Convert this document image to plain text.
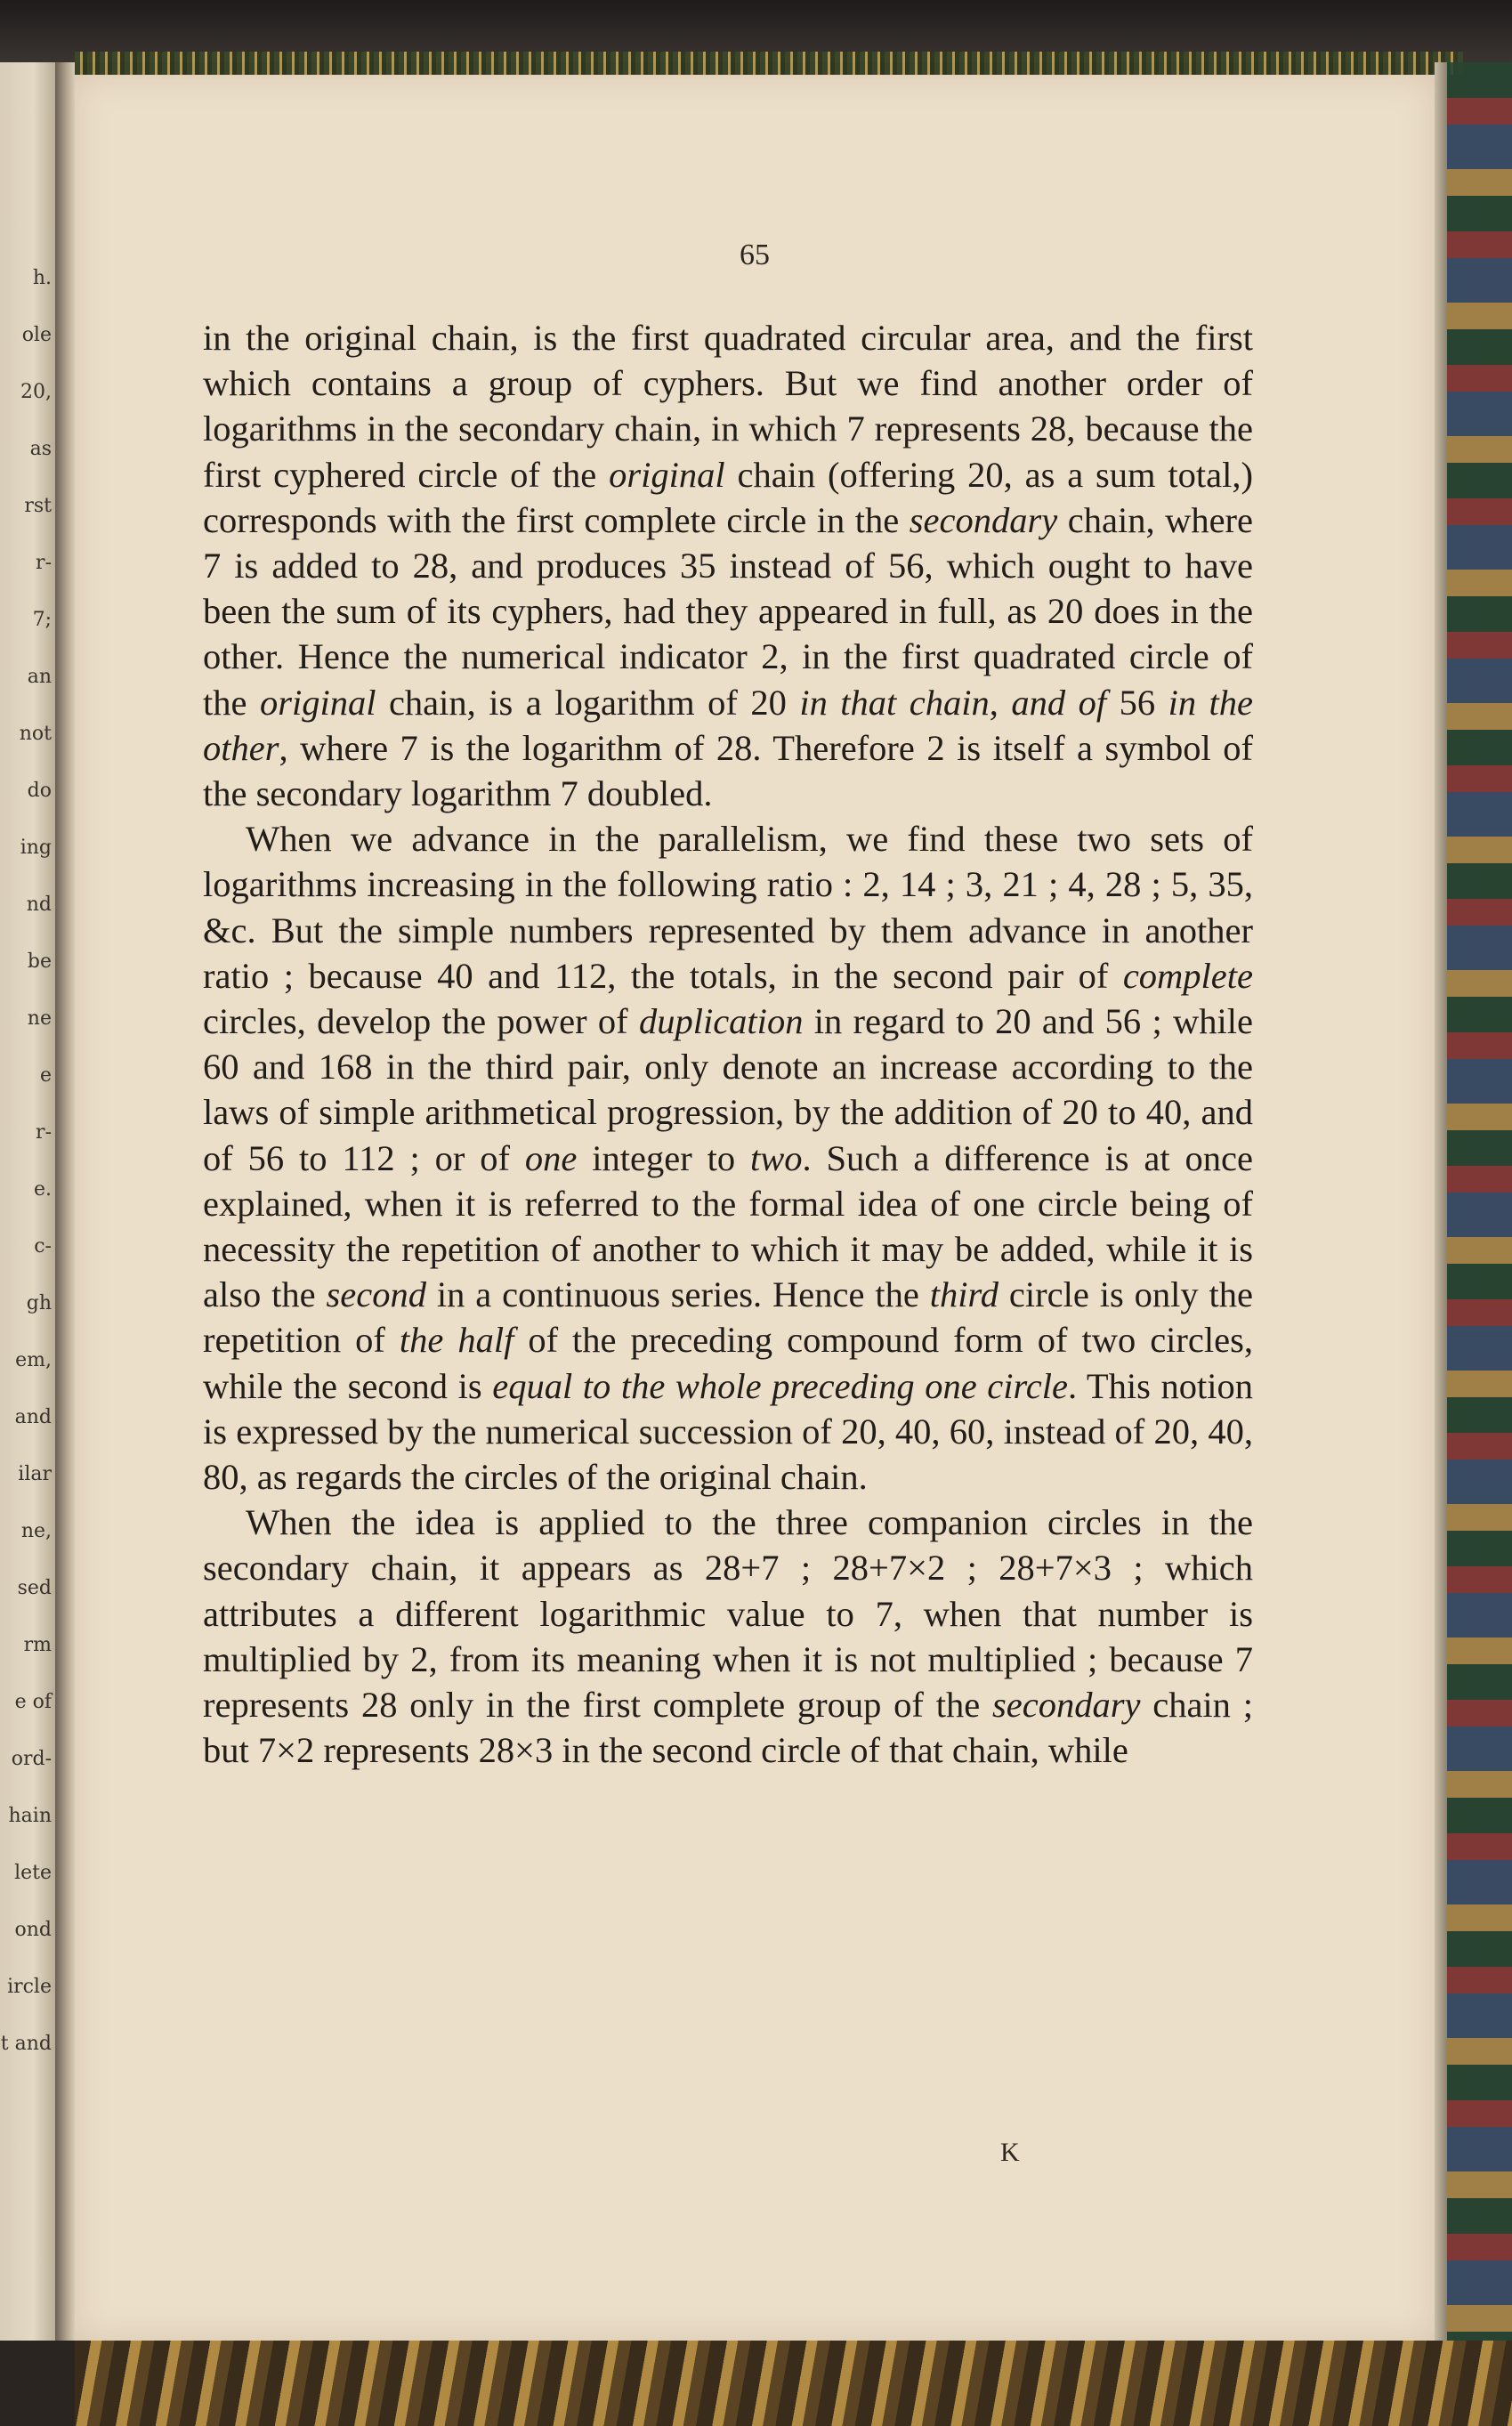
h.
ole
20,
as
rst
r-
7;
an
not
do
ing
nd
be
ne
e
r-
e.
c-
gh
em,
and
ilar
ne,
sed
rm
e of
ord-
hain
lete
ond
ircle
t and
65

in the original chain, is the first quadrated circular area, and the first which contains a group of cyphers. But we find another order of logarithms in the secondary chain, in which 7 represents 28, because the first cyphered circle of the original chain (offering 20, as a sum total,) corresponds with the first complete circle in the secondary chain, where 7 is added to 28, and produces 35 instead of 56, which ought to have been the sum of its cyphers, had they appeared in full, as 20 does in the other. Hence the numerical indicator 2, in the first quadrated circle of the original chain, is a logarithm of 20 in that chain, and of 56 in the other, where 7 is the logarithm of 28. Therefore 2 is itself a symbol of the secondary logarithm 7 doubled.

When we advance in the parallelism, we find these two sets of logarithms increasing in the following ratio : 2, 14 ; 3, 21 ; 4, 28 ; 5, 35, &c. But the simple numbers represented by them advance in another ratio ; because 40 and 112, the totals, in the second pair of complete circles, develop the power of duplication in regard to 20 and 56 ; while 60 and 168 in the third pair, only denote an increase according to the laws of simple arithmetical progression, by the addition of 20 to 40, and of 56 to 112 ; or of one integer to two. Such a difference is at once explained, when it is referred to the formal idea of one circle being of necessity the repetition of another to which it may be added, while it is also the second in a continuous series. Hence the third circle is only the repetition of the half of the preceding compound form of two circles, while the second is equal to the whole preceding one circle. This notion is expressed by the numerical succession of 20, 40, 60, instead of 20, 40, 80, as regards the circles of the original chain.

When the idea is applied to the three companion circles in the secondary chain, it appears as 28+7 ; 28+7×2 ; 28+7×3 ; which attributes a different logarithmic value to 7, when that number is multiplied by 2, from its meaning when it is not multiplied ; because 7 represents 28 only in the first complete group of the secondary chain ; but 7×2 represents 28×3 in the second circle of that chain, while

K
